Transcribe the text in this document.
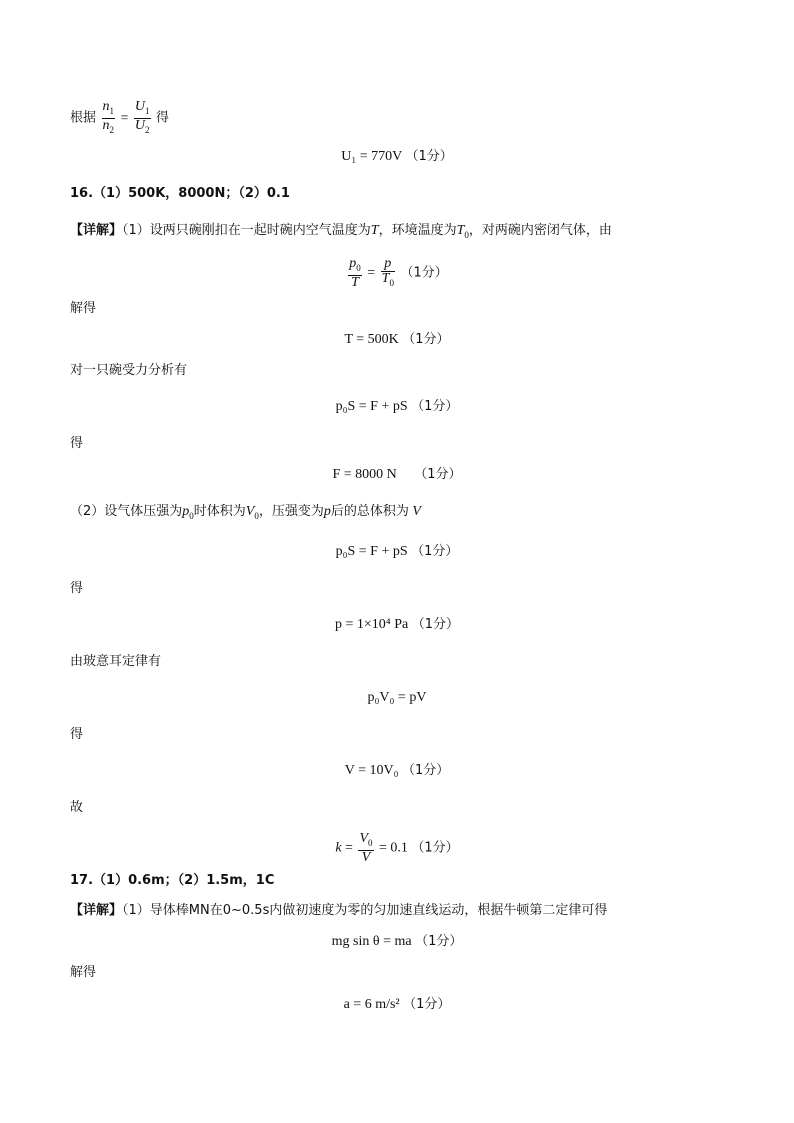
根据 $\frac{n_1}{n_2} = \frac{U_1}{U_2}$ 得
U₁ = 770V （1分）
16.（1）500K，8000N；（2）0.1
【详解】（1）设两只碗刚扣在一起时碗内空气温度为T，环境温度为$T_0$，对两碗内密闭气体，由
$\frac{p_0}{T} = \frac{p}{T_0} (1$分）
解得
T = 500K （1分）
对一只碗受力分析有
p₀S = F + pS （1分）
得
F = 8000 N （1分）
（2）设气体压强为$p_0$时体积为$V_0$，压强变为p后的总体积为 V
p₀S = F + pS （1分）
得
p = 1×10⁴ Pa （1分）
由玻意耳定律有
p₀V₀ = pV
得
V = 10V₀ （1分）
故
$k = \frac{V_0}{V} = 0.1$ （1分）
17.（1）0.6m；（2）1.5m，1C
【详解】（1）导体棒MN在0~0.5s内做初速度为零的匀加速直线运动，根据牛顿第二定律可得
mg sin θ = ma （1分）
解得
a = 6 m/s² （1分）
